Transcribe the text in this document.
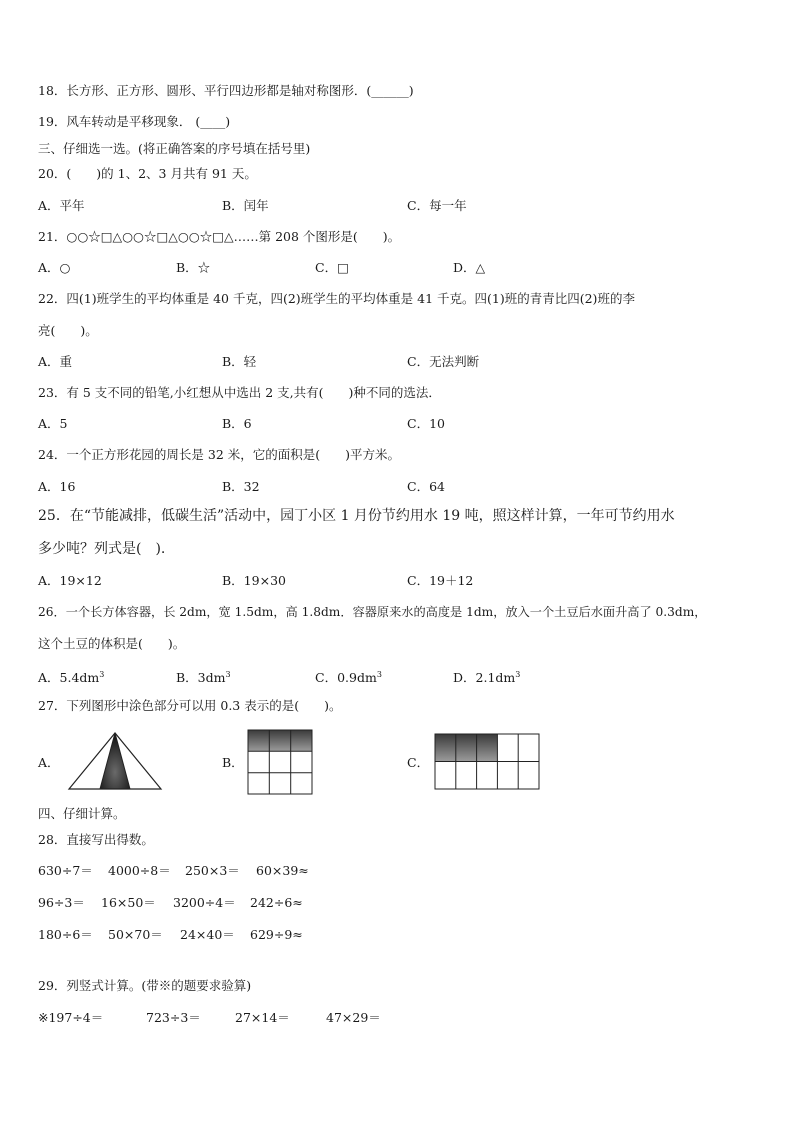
18．长方形、正方形、圆形、平行四边形都是轴对称图形．(______)
19．风车转动是平移现象． (____)
三、仔细选一选。(将正确答案的序号填在括号里)
20．(　　)的 1、2、3 月共有 91 天。
A．平年	B．闰年	C．每一年
21．○○☆□△○○☆□△○○☆□△……第 208 个图形是(　　)。
A．○	B．☆	C．□	D．△
22．四(1)班学生的平均体重是 40 千克，四(2)班学生的平均体重是 41 千克。四(1)班的青青比四(2)班的李
亮(　　)。
A．重	B．轻	C．无法判断
23．有 5 支不同的铅笔,小红想从中选出 2 支,共有(　　)种不同的选法．
A．5	B．6	C．10
24．一个正方形花园的周长是 32 米，它的面积是(　　)平方米。
A．16	B．32	C．64
25．在“节能减排，低碳生活”活动中，园丁小区 1 月份节约用水 19 吨，照这样计算，一年可节约用水
多少吨？列式是(　).
A．19×12	B．19×30	C．19＋12
26．一个长方体容器，长 2dm，宽 1.5dm，高 1.8dm．容器原来水的高度是 1dm，放入一个土豆后水面升高了 0.3dm，
这个土豆的体积是(　　)。
A．$5.4dm^3$	B．$3dm^3$	C．$0.9dm^3$	D．$2.1dm^3$
27．下列图形中涂色部分可以用 0.3 表示的是(　　)。
A．	B．	C．
四、仔细计算。
28．直接写出得数。
630÷7＝ 4000÷8＝ 250×3＝ 60×39≈
96÷3＝ 16×50＝ 3200÷4＝ 242÷6≈
180÷6＝ 50×70＝ 24×40＝ 629÷9≈
29．列竖式计算。(带※的题要求验算)
※197÷4＝	723÷3＝	27×14＝	47×29＝
